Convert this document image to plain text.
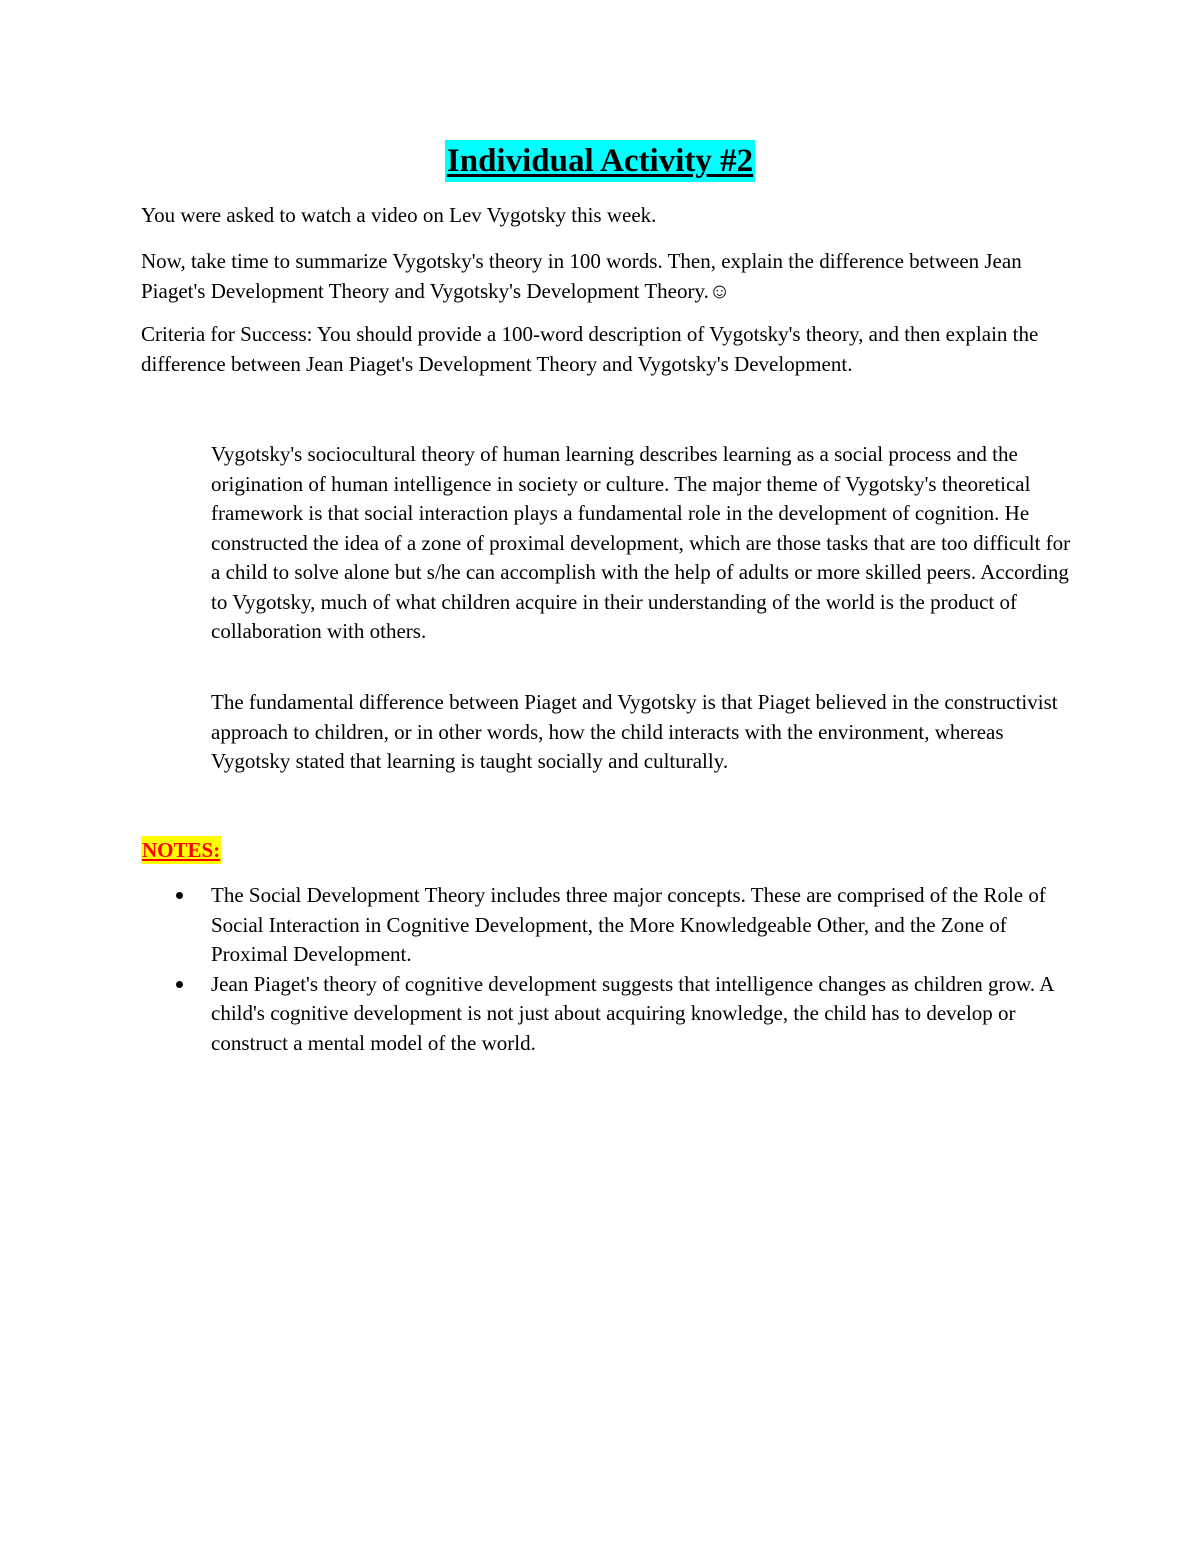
Individual Activity #2

You were asked to watch a video on Lev Vygotsky this week.

Now, take time to summarize Vygotsky's theory in 100 words. Then, explain the difference between Jean Piaget's Development Theory and Vygotsky's Development Theory.☺

Criteria for Success: You should provide a 100-word description of Vygotsky's theory, and then explain the difference between Jean Piaget's Development Theory and Vygotsky's Development.

Vygotsky's sociocultural theory of human learning describes learning as a social process and the origination of human intelligence in society or culture. The major theme of Vygotsky's theoretical framework is that social interaction plays a fundamental role in the development of cognition. He constructed the idea of a zone of proximal development, which are those tasks that are too difficult for a child to solve alone but s/he can accomplish with the help of adults or more skilled peers. According to Vygotsky, much of what children acquire in their understanding of the world is the product of collaboration with others.

The fundamental difference between Piaget and Vygotsky is that Piaget believed in the constructivist approach to children, or in other words, how the child interacts with the environment, whereas Vygotsky stated that learning is taught socially and culturally.

NOTES:
The Social Development Theory includes three major concepts. These are comprised of the Role of Social Interaction in Cognitive Development, the More Knowledgeable Other, and the Zone of Proximal Development.
Jean Piaget's theory of cognitive development suggests that intelligence changes as children grow. A child's cognitive development is not just about acquiring knowledge, the child has to develop or construct a mental model of the world.
